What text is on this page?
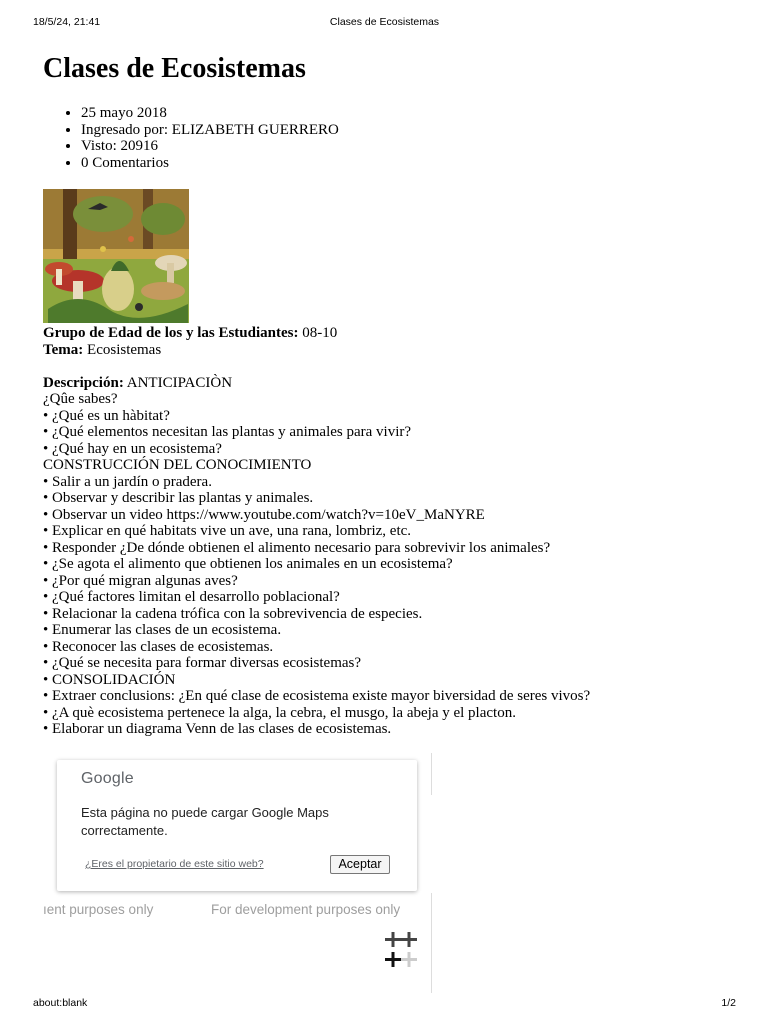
18/5/24, 21:41	Clases de Ecosistemas
Clases de Ecosistemas
• 25 mayo 2018
• Ingresado por: ELIZABETH GUERRERO
• Visto: 20916
• 0 Comentarios
Grupo de Edad de los y las Estudiantes: 08-10
Tema: Ecosistemas
Descripción: ANTICIPACIÒN
¿Qûe sabes?
• ¿Qué es un hàbitat?
• ¿Qué elementos necesitan las plantas y animales para vivir?
• ¿Qué hay en un ecosistema?
CONSTRUCCIÓN DEL CONOCIMIENTO
• Salir a un jardín o pradera.
• Observar y describir las plantas y animales.
• Observar un video https://www.youtube.com/watch?v=10eV_MaNYRE
• Explicar en qué habitats vive un ave, una rana, lombriz, etc.
• Responder ¿De dónde obtienen el alimento necesario para sobrevivir los animales?
• ¿Se agota el alimento que obtienen los animales en un ecosistema?
• ¿Por qué migran algunas aves?
• ¿Qué factores limitan el desarrollo poblacional?
• Relacionar la cadena trófica con la sobrevivencia de especies.
• Enumerar las clases de un ecosistema.
• Reconocer las clases de ecosistemas.
• ¿Qué se necesita para formar diversas ecosistemas?
• CONSOLIDACIÓN
• Extraer conclusions: ¿En qué clase de ecosistema existe mayor biversidad de seres vivos?
• ¿A què ecosistema pertenece la alga, la cebra, el musgo, la abeja y el placton.
• Elaborar un diagrama Venn de las clases de ecosistemas.
Google
Esta página no puede cargar Google Maps correctamente.
¿Eres el propietario de este sitio web?	Aceptar
ıent purposes only	For development purposes only
about:blank	1/2
